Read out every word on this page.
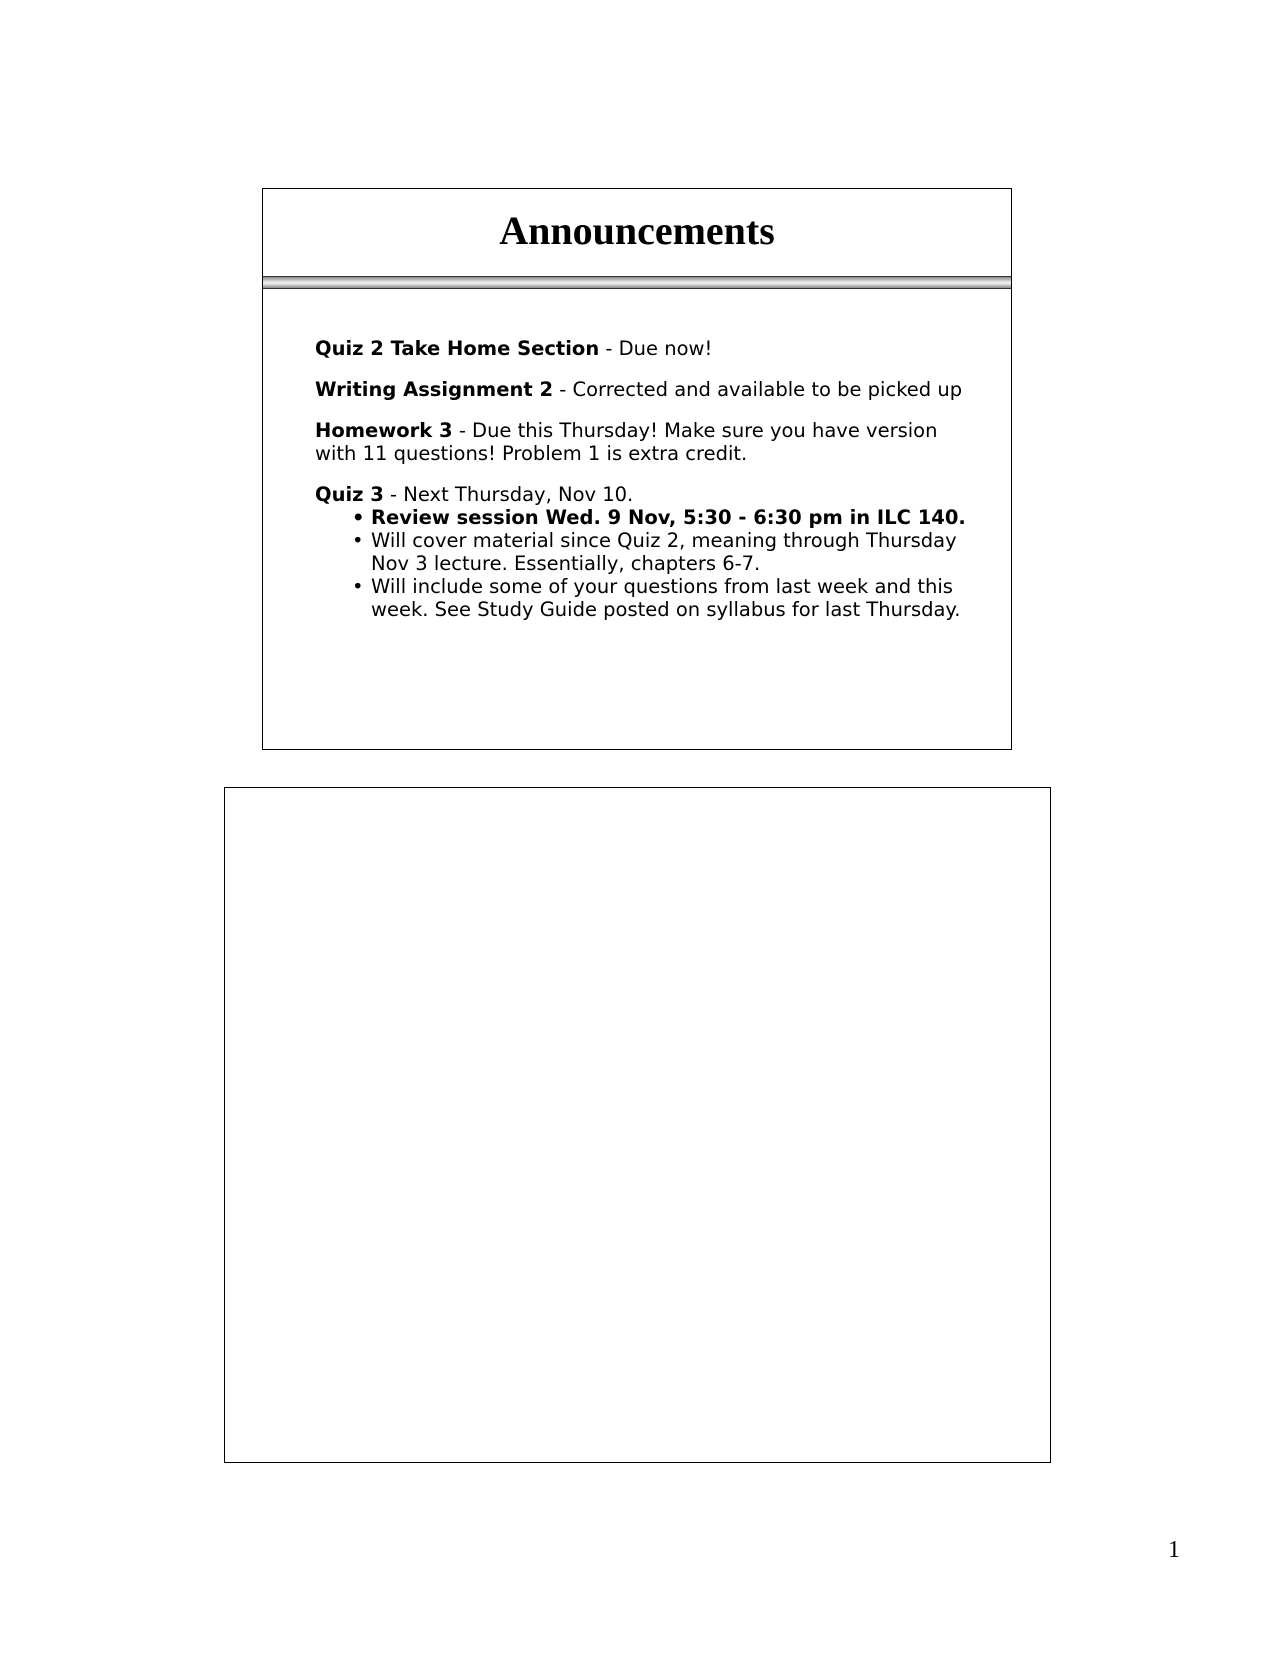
Announcements

Quiz 2 Take Home Section - Due now!

Writing Assignment 2 - Corrected and available to be picked up

Homework 3 - Due this Thursday! Make sure you have version with 11 questions! Problem 1 is extra credit.

Quiz 3 - Next Thursday, Nov 10.
• Review session Wed. 9 Nov, 5:30 - 6:30 pm in ILC 140.
• Will cover material since Quiz 2, meaning through Thursday Nov 3 lecture. Essentially, chapters 6-7.
• Will include some of your questions from last week and this week. See Study Guide posted on syllabus for last Thursday.
1
